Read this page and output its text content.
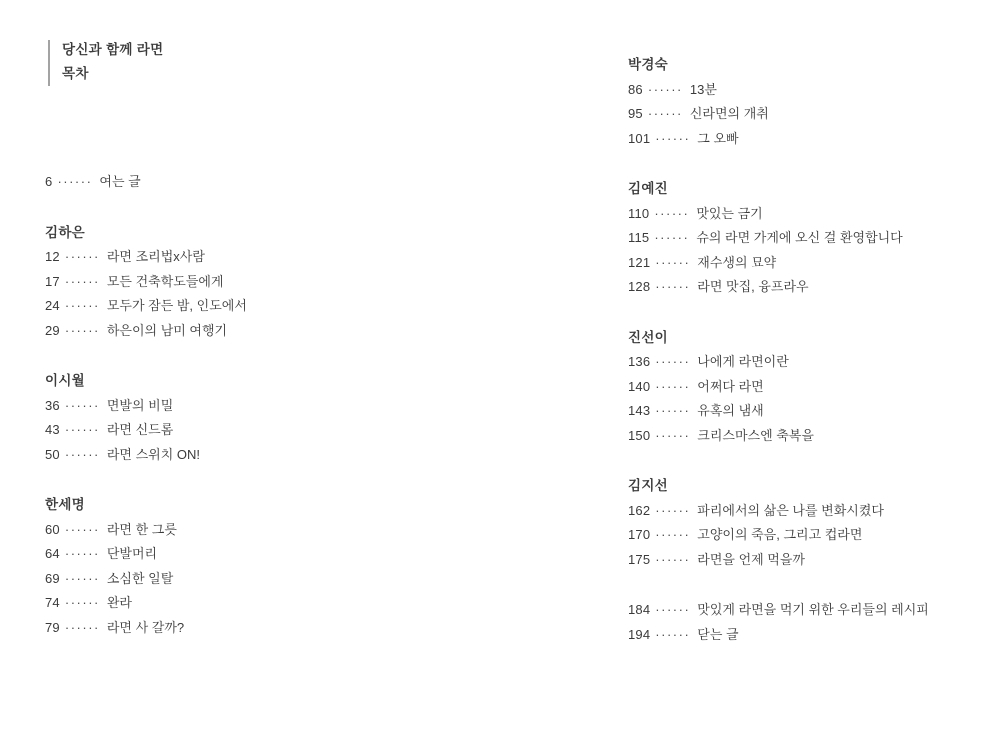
당신과 함께 라면
목차
6 ······ 여는 글
김하은
12 ······ 라면 조리법x사람
17 ······ 모든 건축학도들에게
24 ······ 모두가 잠든 밤, 인도에서
29 ······ 하은이의 남미 여행기
이시월
36 ······ 면발의 비밀
43 ······ 라면 신드롬
50 ······ 라면 스위치 ON!
한세명
60 ······ 라면 한 그릇
64 ······ 단발머리
69 ······ 소심한 일탈
74 ······ 완라
79 ······ 라면 사 갈까?
박경숙
86 ······ 13분
95 ······ 신라면의 개취
101 ······ 그 오빠
김예진
110 ······ 맛있는 금기
115 ······ 슈의 라면 가게에 오신 걸 환영합니다
121 ······ 재수생의 묘약
128 ······ 라면 맛집, 융프라우
진선이
136 ······ 나에게 라면이란
140 ······ 어쩌다 라면
143 ······ 유혹의 냄새
150 ······ 크리스마스엔 축복을
김지선
162 ······ 파리에서의 삶은 나를 변화시켰다
170 ······ 고양이의 죽음, 그리고 컵라면
175 ······ 라면을 언제 먹을까
184 ······ 맛있게 라면을 먹기 위한 우리들의 레시피
194 ······ 닫는 글
